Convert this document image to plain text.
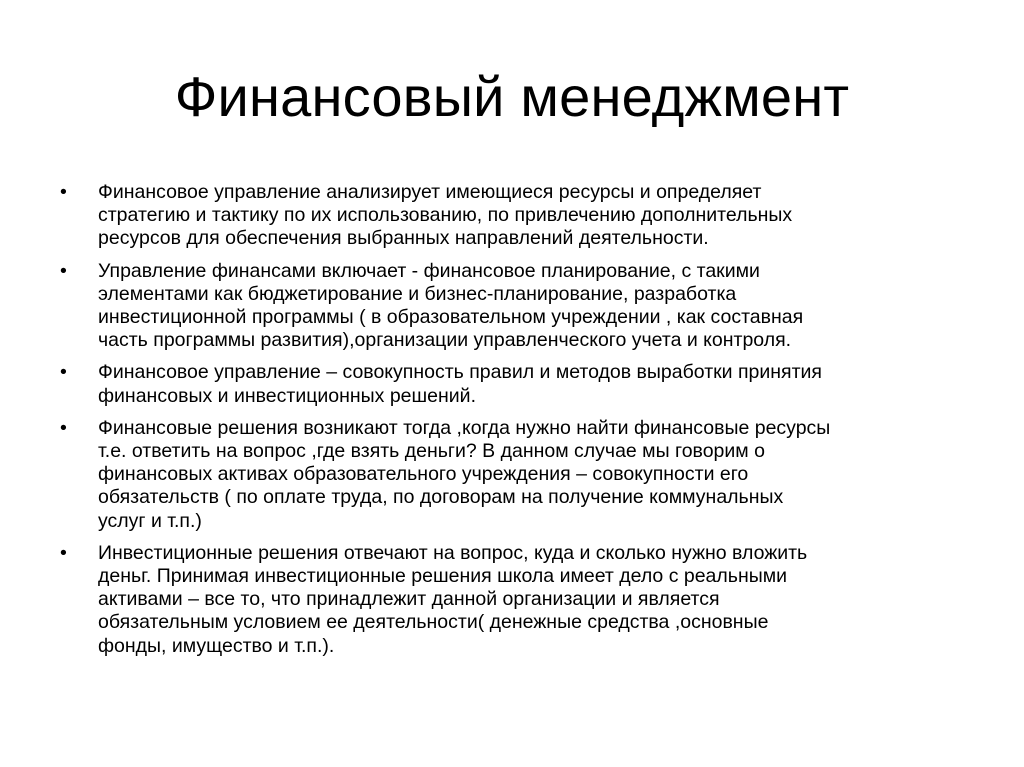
Финансовый менеджмент
•	Финансовое управление анализирует имеющиеся ресурсы и определяет
стратегию и тактику по их использованию, по привлечению дополнительных
ресурсов для обеспечения выбранных направлений деятельности.
•	Управление финансами включает - финансовое планирование, с такими
элементами как бюджетирование и бизнес-планирование, разработка
инвестиционной программы ( в образовательном учреждении , как составная
часть программы развития),организации управленческого учета и контроля.
•	Финансовое управление – совокупность правил и методов выработки принятия
финансовых и инвестиционных решений.
•	Финансовые решения возникают тогда ,когда нужно найти финансовые ресурсы
т.е. ответить на вопрос ,где взять деньги? В данном случае мы говорим о
финансовых активах образовательного учреждения – совокупности его
обязательств ( по оплате труда, по договорам на получение коммунальных
услуг и т.п.)
•	Инвестиционные решения отвечают на вопрос, куда и сколько нужно вложить
деньг. Принимая инвестиционные решения школа имеет дело с реальными
активами – все то, что принадлежит данной организации и является
обязательным условием ее деятельности( денежные средства ,основные
фонды, имущество и т.п.).
